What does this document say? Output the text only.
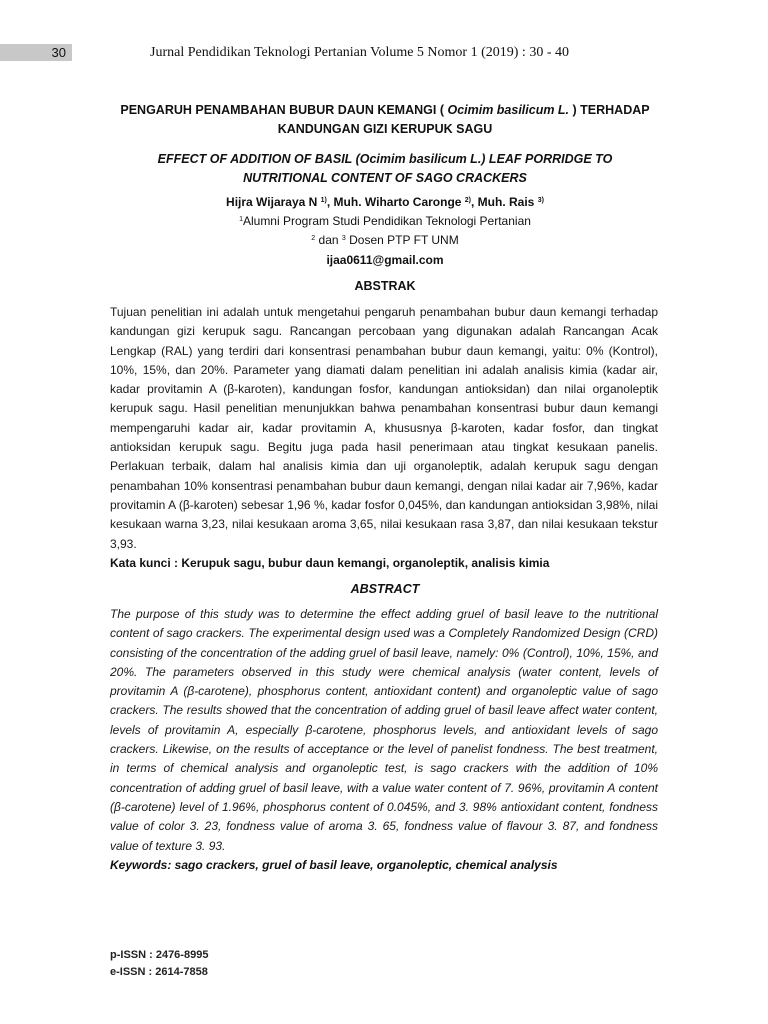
30	Jurnal Pendidikan Teknologi Pertanian Volume 5 Nomor 1 (2019) : 30 - 40
PENGARUH PENAMBAHAN BUBUR DAUN KEMANGI ( Ocimim basilicum L. ) TERHADAP
KANDUNGAN GIZI KERUPUK SAGU
EFFECT OF ADDITION OF BASIL (Ocimim basilicum L.) LEAF PORRIDGE TO
NUTRITIONAL CONTENT OF SAGO CRACKERS
Hijra Wijaraya N $^{1)}$, Muh. Wiharto Caronge $^{2)}$, Muh. Rais $^{3)}$
$^1$Alumni Program Studi Pendidikan Teknologi Pertanian
$^2$ dan $^3$ Dosen PTP FT UNM
ijaa0611@gmail.com
ABSTRAK
Tujuan penelitian ini adalah untuk mengetahui pengaruh penambahan bubur daun kemangi terhadap kandungan gizi kerupuk sagu. Rancangan percobaan yang digunakan adalah Rancangan Acak Lengkap (RAL) yang terdiri dari konsentrasi penambahan bubur daun kemangi, yaitu: 0% (Kontrol), 10%, 15%, dan 20%. Parameter yang diamati dalam penelitian ini adalah analisis kimia (kadar air, kadar provitamin A (β-karoten), kandungan fosfor, kandungan antioksidan) dan nilai organoleptik kerupuk sagu. Hasil penelitian menunjukkan bahwa penambahan konsentrasi bubur daun kemangi mempengaruhi kadar air, kadar provitamin A, khususnya β-karoten, kadar fosfor, dan tingkat antioksidan kerupuk sagu. Begitu juga pada hasil penerimaan atau tingkat kesukaan panelis. Perlakuan terbaik, dalam hal analisis kimia dan uji organoleptik, adalah kerupuk sagu dengan penambahan 10% konsentrasi penambahan bubur daun kemangi, dengan nilai kadar air 7,96%, kadar provitamin A (β-karoten) sebesar 1,96 %, kadar fosfor 0,045%, dan kandungan antioksidan 3,98%, nilai kesukaan warna 3,23, nilai kesukaan aroma 3,65, nilai kesukaan rasa 3,87, dan nilai kesukaan tekstur 3,93.
Kata kunci : Kerupuk sagu, bubur daun kemangi, organoleptik, analisis kimia
ABSTRACT
The purpose of this study was to determine the effect adding gruel of basil leave to the nutritional content of sago crackers. The experimental design used was a Completely Randomized Design (CRD) consisting of the concentration of the adding gruel of basil leave, namely: 0% (Control), 10%, 15%, and 20%. The parameters observed in this study were chemical analysis (water content, levels of provitamin A (β-carotene), phosphorus content, antioxidant content) and organoleptic value of sago crackers. The results showed that the concentration of adding gruel of basil leave affect water content, levels of provitamin A, especially β-carotene, phosphorus levels, and antioxidant levels of sago crackers. Likewise, on the results of acceptance or the level of panelist fondness. The best treatment, in terms of chemical analysis and organoleptic test, is sago crackers with the addition of 10% concentration of adding gruel of basil leave, with a value water content of 7. 96%, provitamin A content (β-carotene) level of 1.96%, phosphorus content of 0.045%, and 3. 98% antioxidant content, fondness value of color 3. 23, fondness value of aroma 3. 65, fondness value of flavour 3. 87, and fondness value of texture 3. 93.
Keywords: sago crackers, gruel of basil leave, organoleptic, chemical analysis
p-ISSN : 2476-8995
e-ISSN : 2614-7858
